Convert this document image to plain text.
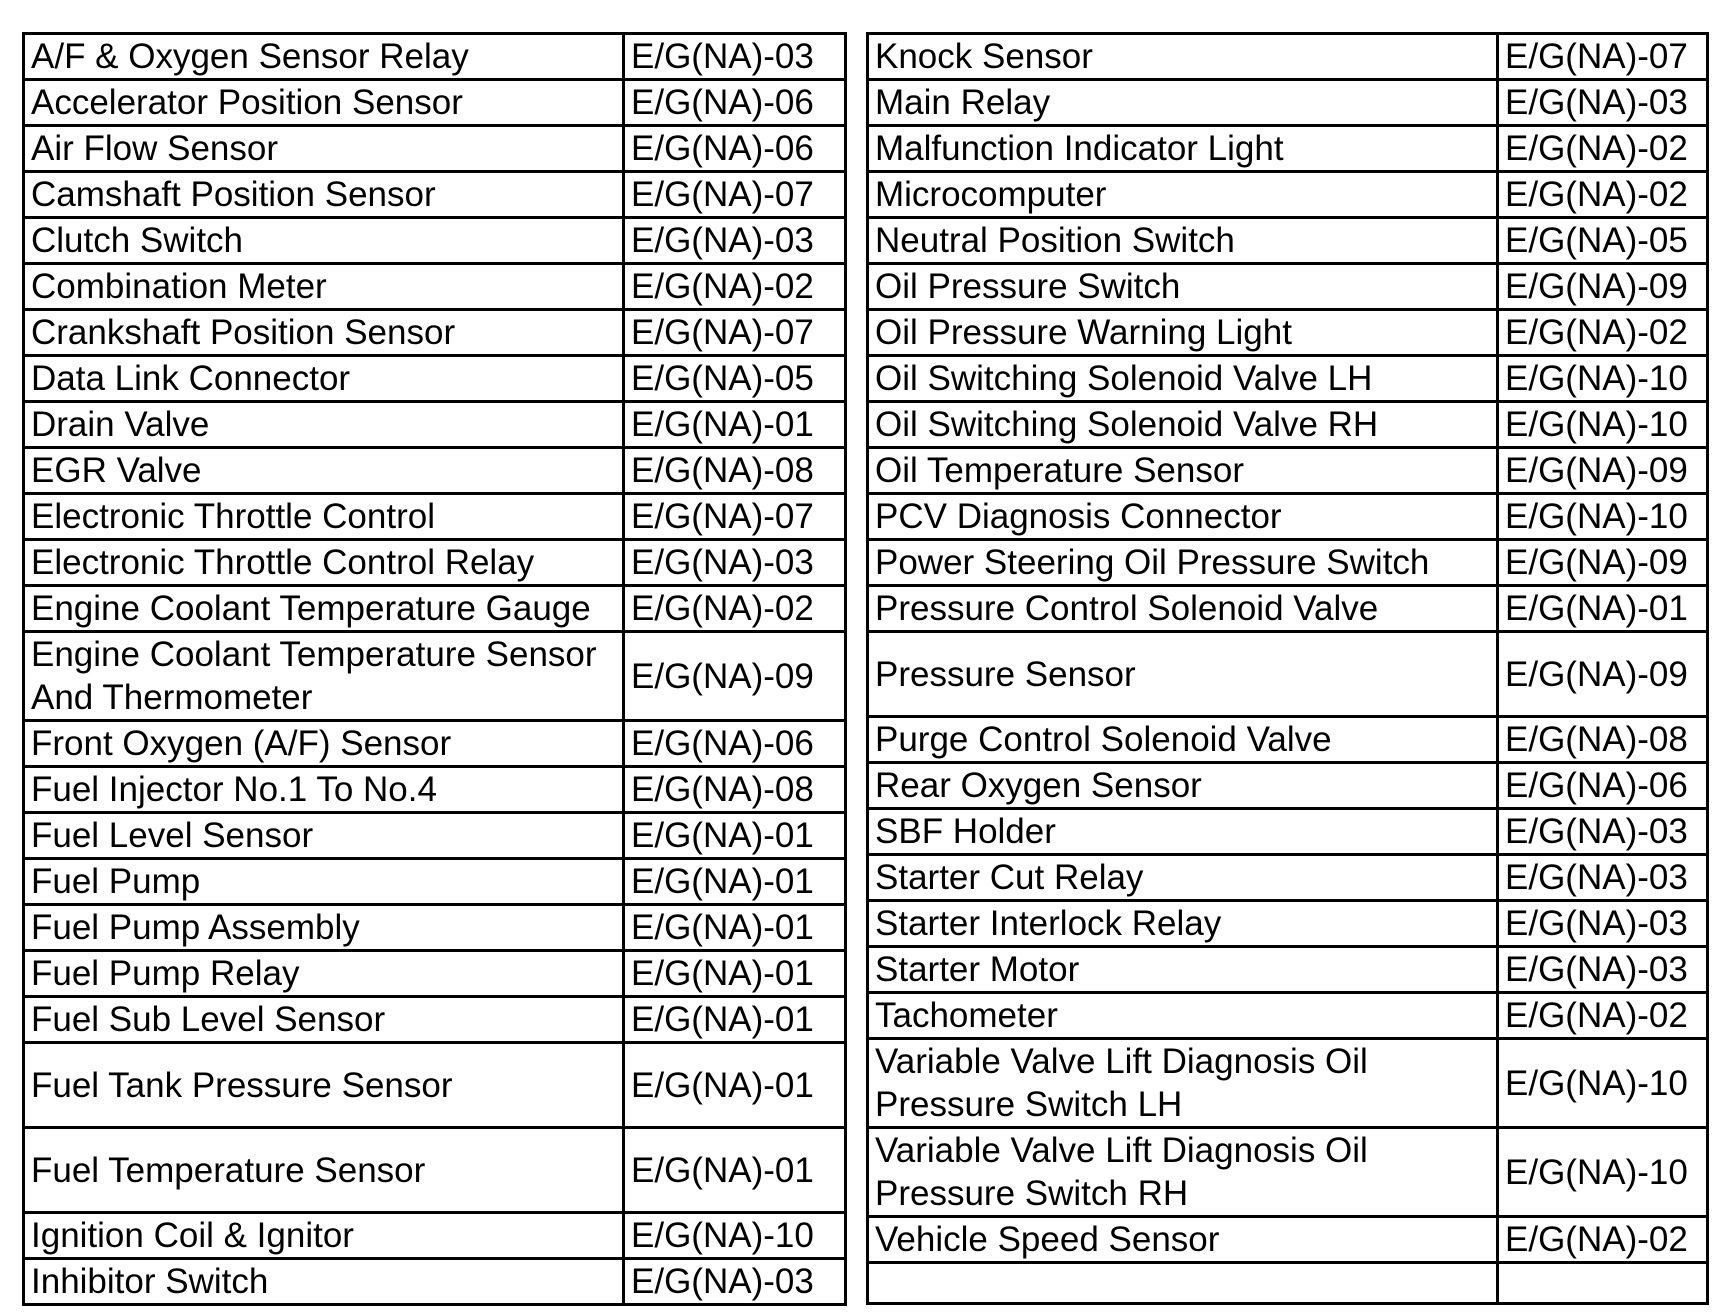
A/F & Oxygen Sensor Relay	E/G(NA)-03
Accelerator Position Sensor	E/G(NA)-06
Air Flow Sensor	E/G(NA)-06
Camshaft Position Sensor	E/G(NA)-07
Clutch Switch	E/G(NA)-03
Combination Meter	E/G(NA)-02
Crankshaft Position Sensor	E/G(NA)-07
Data Link Connector	E/G(NA)-05
Drain Valve	E/G(NA)-01
EGR Valve	E/G(NA)-08
Electronic Throttle Control	E/G(NA)-07
Electronic Throttle Control Relay	E/G(NA)-03
Engine Coolant Temperature Gauge	E/G(NA)-02
Engine Coolant Temperature Sensor And Thermometer	E/G(NA)-09
Front Oxygen (A/F) Sensor	E/G(NA)-06
Fuel Injector No.1 To No.4	E/G(NA)-08
Fuel Level Sensor	E/G(NA)-01
Fuel Pump	E/G(NA)-01
Fuel Pump Assembly	E/G(NA)-01
Fuel Pump Relay	E/G(NA)-01
Fuel Sub Level Sensor	E/G(NA)-01
Fuel Tank Pressure Sensor	E/G(NA)-01
Fuel Temperature Sensor	E/G(NA)-01
Ignition Coil & Ignitor	E/G(NA)-10
Inhibitor Switch	E/G(NA)-03
Knock Sensor	E/G(NA)-07
Main Relay	E/G(NA)-03
Malfunction Indicator Light	E/G(NA)-02
Microcomputer	E/G(NA)-02
Neutral Position Switch	E/G(NA)-05
Oil Pressure Switch	E/G(NA)-09
Oil Pressure Warning Light	E/G(NA)-02
Oil Switching Solenoid Valve LH	E/G(NA)-10
Oil Switching Solenoid Valve RH	E/G(NA)-10
Oil Temperature Sensor	E/G(NA)-09
PCV Diagnosis Connector	E/G(NA)-10
Power Steering Oil Pressure Switch	E/G(NA)-09
Pressure Control Solenoid Valve	E/G(NA)-01
Pressure Sensor	E/G(NA)-09
Purge Control Solenoid Valve	E/G(NA)-08
Rear Oxygen Sensor	E/G(NA)-06
SBF Holder	E/G(NA)-03
Starter Cut Relay	E/G(NA)-03
Starter Interlock Relay	E/G(NA)-03
Starter Motor	E/G(NA)-03
Tachometer	E/G(NA)-02
Variable Valve Lift Diagnosis Oil Pressure Switch LH	E/G(NA)-10
Variable Valve Lift Diagnosis Oil Pressure Switch RH	E/G(NA)-10
Vehicle Speed Sensor	E/G(NA)-02
